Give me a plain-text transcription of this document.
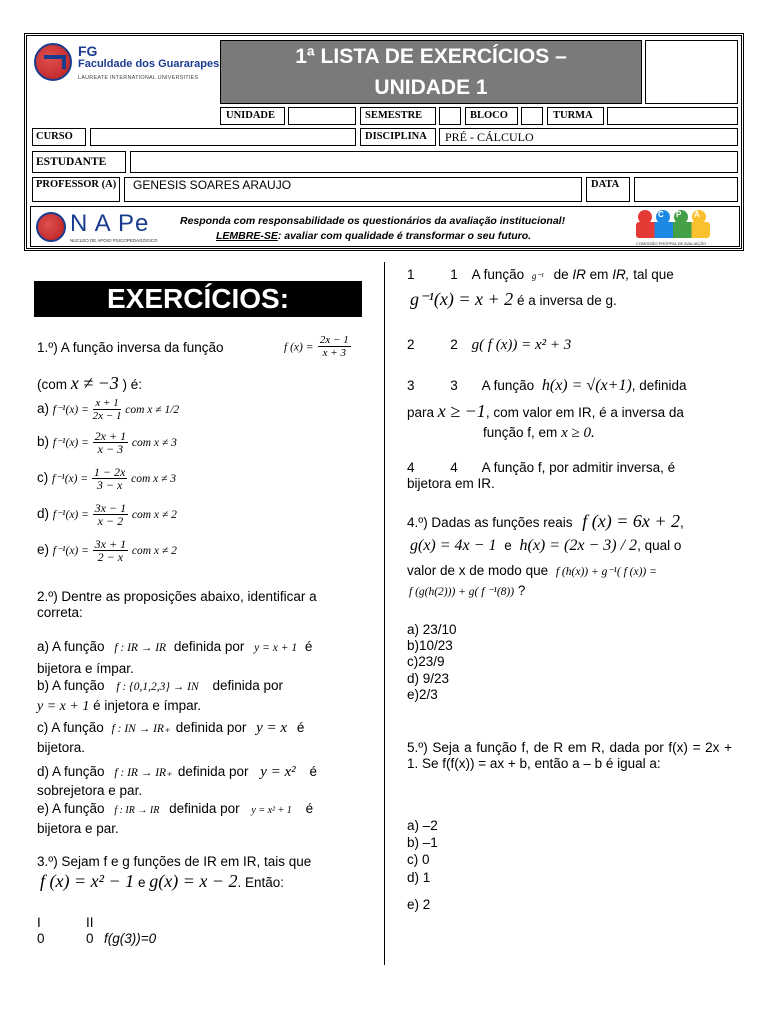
FG
Faculdade dos Guararapes
LAUREATE INTERNATIONAL UNIVERSITIES
1ª LISTA DE EXERCÍCIOS –
UNIDADE 1
UNIDADE	SEMESTRE	BLOCO	TURMA
CURSO	DISCIPLINA PRÉ - CÁLCULO
ESTUDANTE
PROFESSOR (A) GENESIS SOARES ARAUJO	DATA
N A Pe
NÚCLEO DE APOIO PSICOPEDAGÓGICO
Responda com responsabilidade os questionários da avaliação institucional!
LEMBRE-SE: avaliar com qualidade é transformar o seu futuro.
C P A
COMISSÃO PRÓPRIA DE AVALIAÇÃO
EXERCÍCIOS:
1.º) A função inversa da função	f $(x) = \frac{2x - 1}{x + 3}$
(com x ≠ −3 ) é:
a) $f^{-1}(x) = \frac{x + 1}{2x - 1}$ com x ≠ 1/2
b) $f^{-1}(x) = \frac{2x + 1}{x - 3}$ com x ≠ 3
c) $f^{-1}(x) = \frac{1 - 2x}{3 - x}$ com x ≠ 3
d) $f^{-1}(x) = \frac{3x - 1}{x - 2}$ com x ≠ 2
e) $f^{-1}(x) = \frac{3x + 1}{2 - x}$ com x ≠ 2
2.º) Dentre as proposições abaixo, identificar a correta:
a) A função f : IR → IR definida por y = x + 1 é
bijetora e ímpar.
b) A função f : {0,1,2,3} → IN definida por
y = x + 1 é injetora e ímpar.
c) A função f : IN → IR₊ definida por y = x é
bijetora.
d) A função f : IR → IR₊ definida por y = x² é
sobrejetora e par.
e) A função f : IR → IR definida por y = x² + 1 é
bijetora e par.
3.º) Sejam f e g funções de IR em IR, tais que
f (x) = x² − 1 e g(x) = x − 2. Então:
I	II
0	0 f(g(3))=0
1	1 A função g⁻¹ de IR em IR, tal que
g⁻¹(x) = x + 2 é a inversa de g.
2	2 g( f (x)) = x² + 3
3	3 A função h(x) = √(x+1), definida
para x ≥ −1, com valor em IR, é a inversa da
função f, em x ≥ 0.
4	4 A função f, por admitir inversa, é
bijetora em IR.
4.º) Dadas as funções reais f (x) = 6x + 2,
g(x) = 4x − 1 e h(x) = (2x − 3) / 2, qual o
valor de x de modo que f (h(x)) + g⁻¹( f (x)) =
f (g(h(2))) + g( f ⁻¹(8)) ?
a) 23/10
b)10/23
c)23/9
d) 9/23
e)2/3
5.º) Seja a função f, de R em R, dada por f(x) = 2x + 1. Se f(f(x)) = ax + b, então a – b é igual a:
a) –2
b) –1
c) 0
d) 1
e) 2
